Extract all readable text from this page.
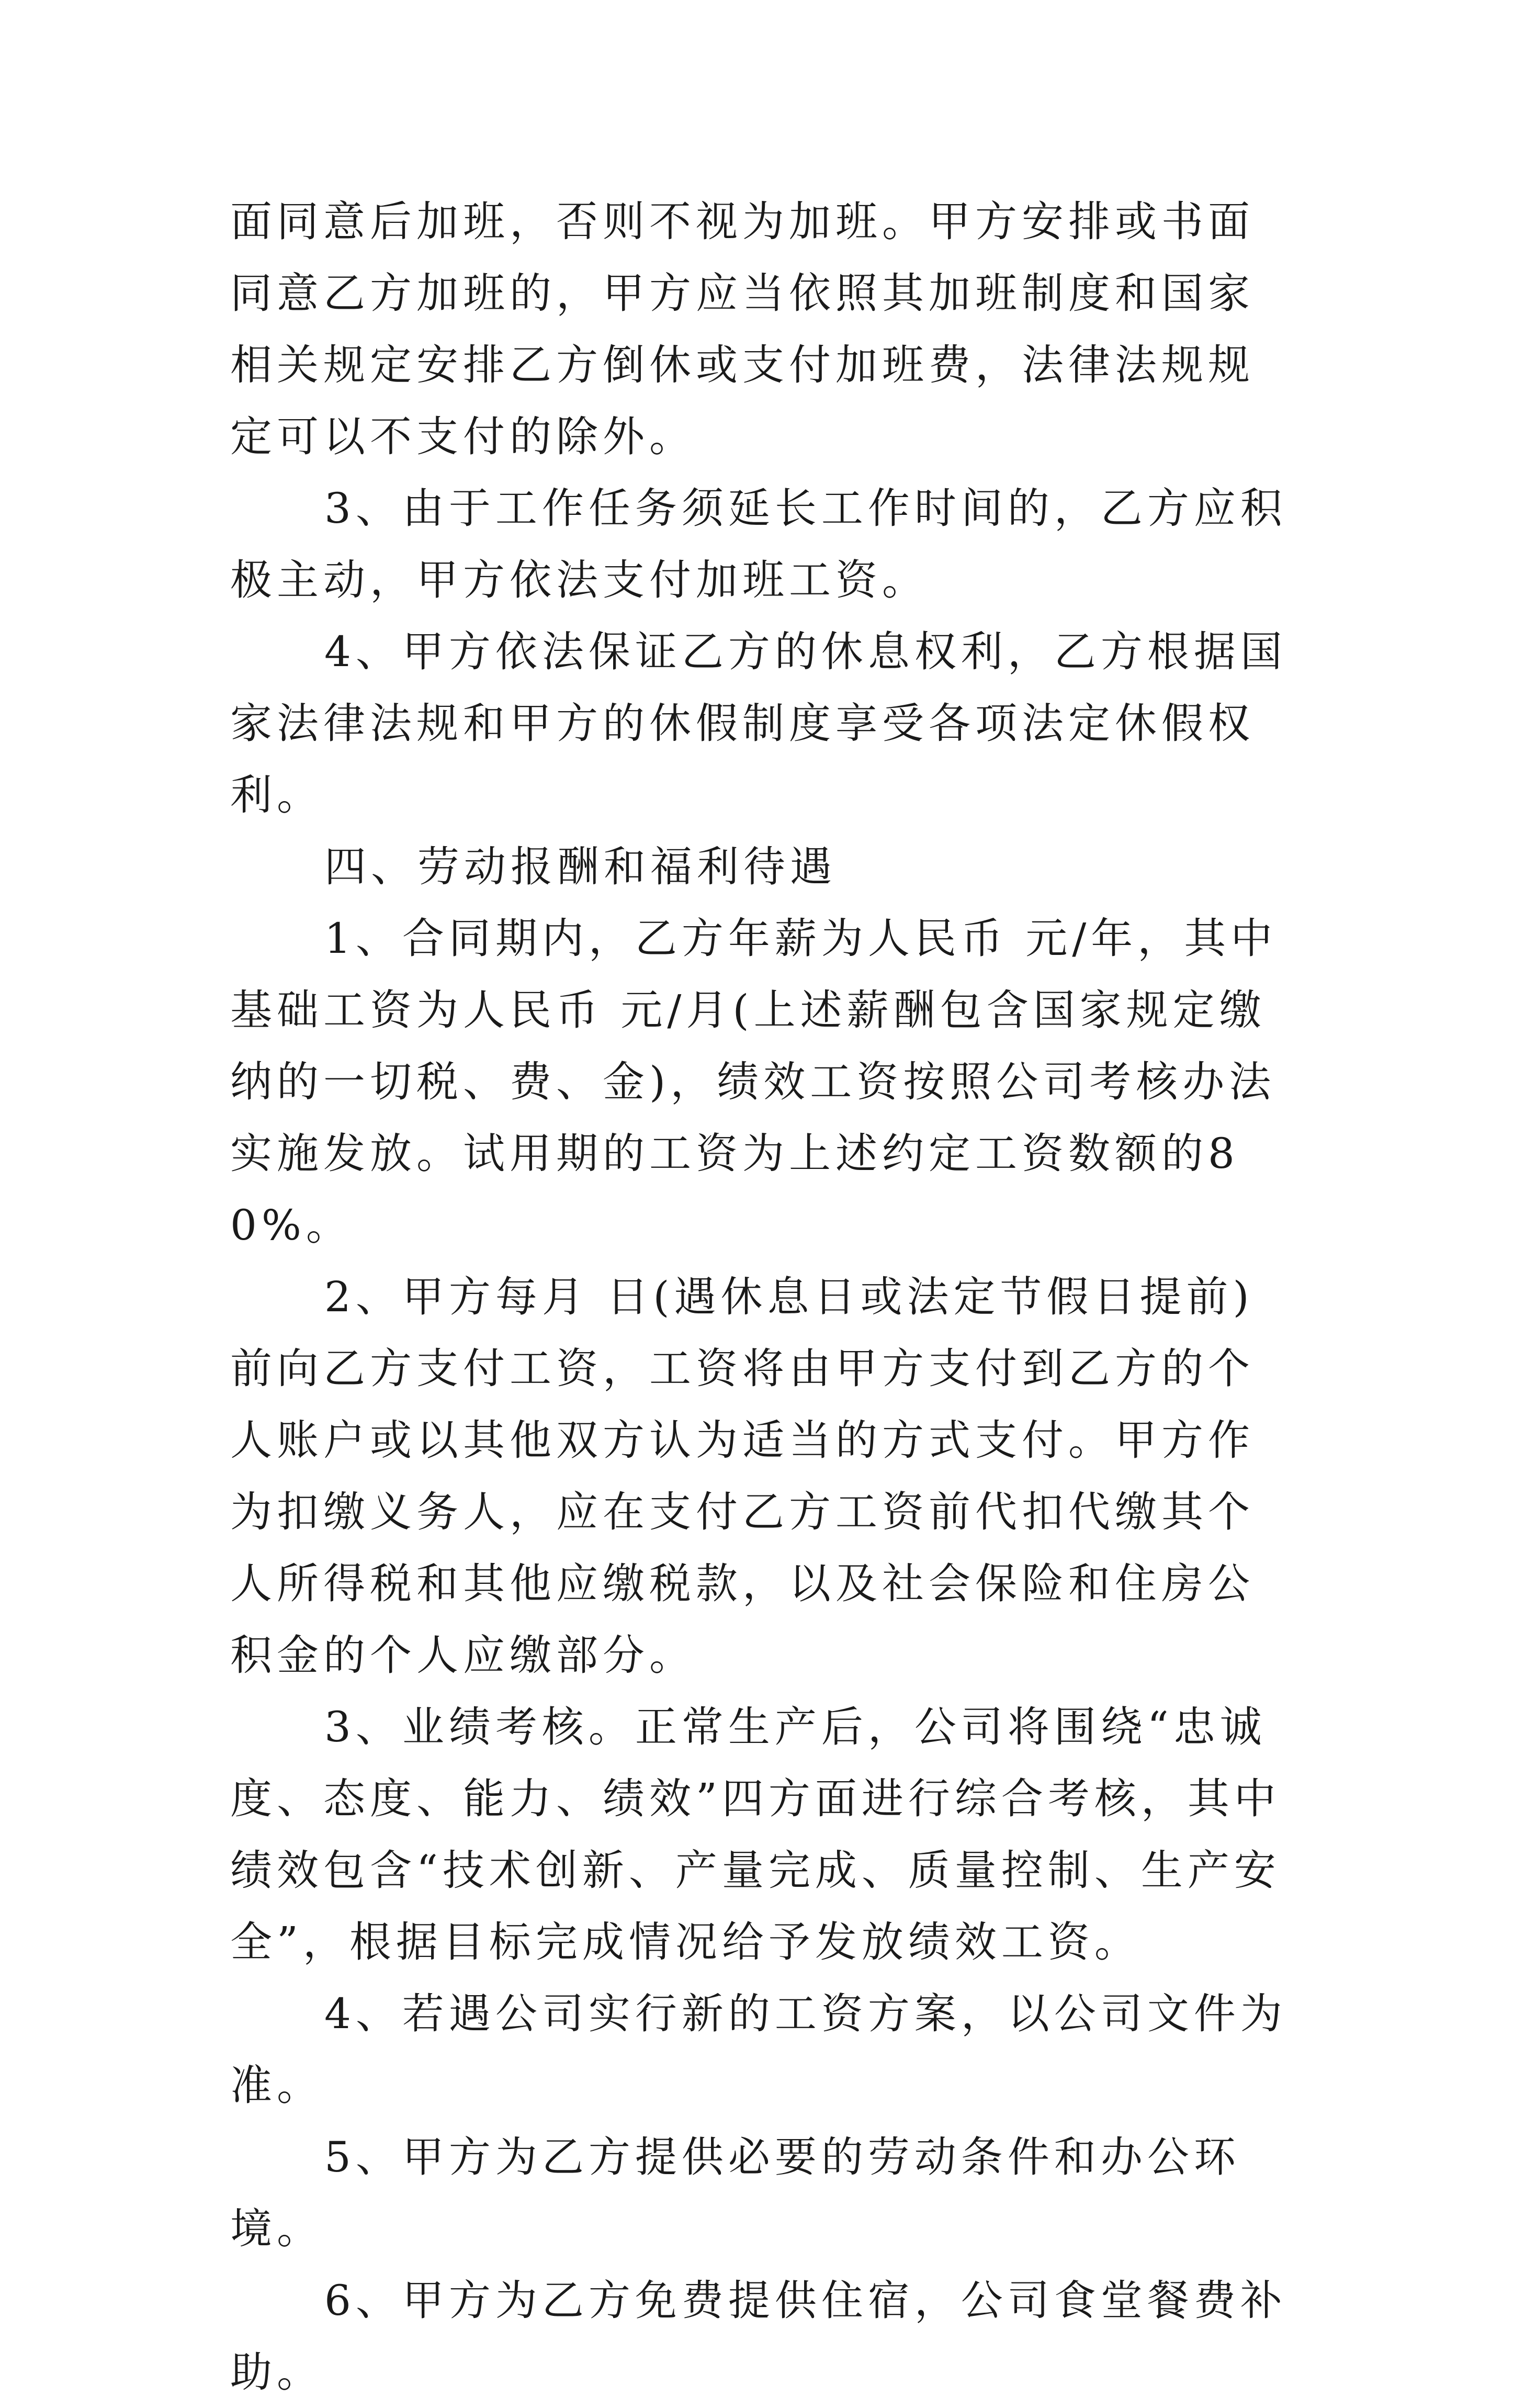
面同意后加班，否则不视为加班。甲方安排或书面同意乙方加班的，甲方应当依照其加班制度和国家相关规定安排乙方倒休或支付加班费，法律法规规定可以不支付的除外。

3、由于工作任务须延长工作时间的，乙方应积极主动，甲方依法支付加班工资。

4、甲方依法保证乙方的休息权利，乙方根据国家法律法规和甲方的休假制度享受各项法定休假权利。

四、劳动报酬和福利待遇

1、合同期内，乙方年薪为人民币 元/年，其中基础工资为人民币 元/月(上述薪酬包含国家规定缴纳的一切税、费、金)，绩效工资按照公司考核办法实施发放。试用期的工资为上述约定工资数额的80%。

2、甲方每月 日(遇休息日或法定节假日提前)前向乙方支付工资，工资将由甲方支付到乙方的个人账户或以其他双方认为适当的方式支付。甲方作为扣缴义务人，应在支付乙方工资前代扣代缴其个人所得税和其他应缴税款，以及社会保险和住房公积金的个人应缴部分。

3、业绩考核。正常生产后，公司将围绕“忠诚度、态度、能力、绩效”四方面进行综合考核，其中绩效包含“技术创新、产量完成、质量控制、生产安全”，根据目标完成情况给予发放绩效工资。

4、若遇公司实行新的工资方案，以公司文件为准。

5、甲方为乙方提供必要的劳动条件和办公环境。

6、甲方为乙方免费提供住宿，公司食堂餐费补助。
